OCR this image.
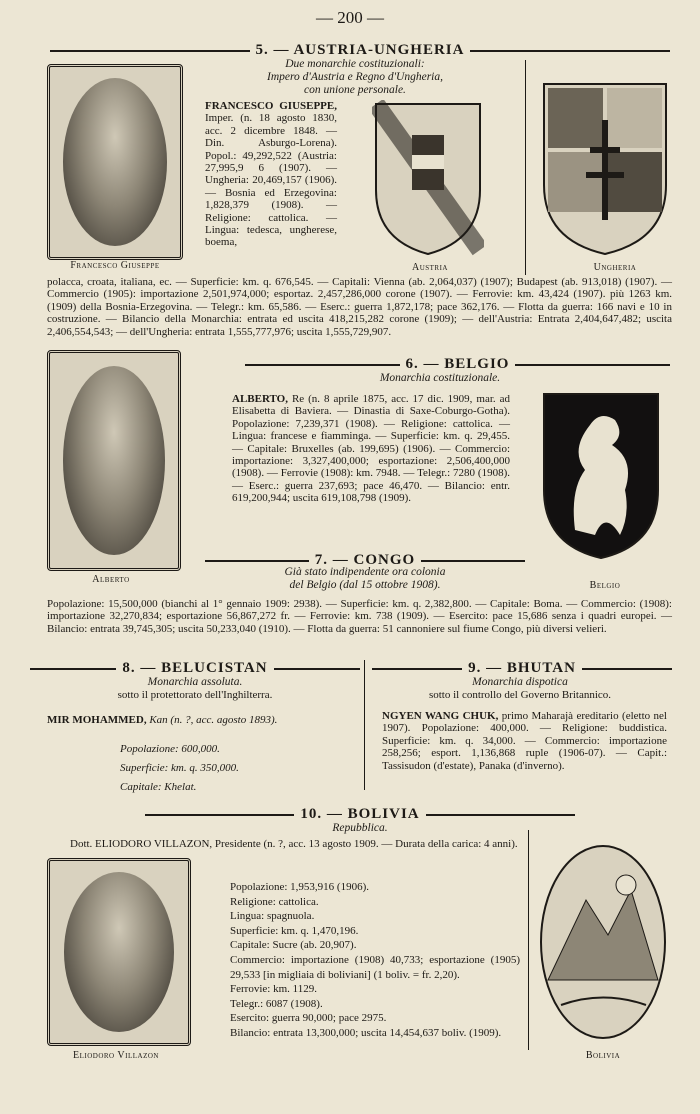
— 200 —
5. — AUSTRIA-UNGHERIA
Due monarchie costituzionali:
Impero d'Austria e Regno d'Ungheria,
con unione personale.
Francesco Giuseppe
FRANCESCO GIUSEPPE, Imper. (n. 18 agosto 1830, acc. 2 dicembre 1848. — Din. Asburgo-Lorena). Popol.: 49,292,522 (Austria: 27,995,9 6 (1907). — Ungheria: 20,469,157 (1906). — Bosnia ed Erzegovina: 1,828,379 (1908). — Religione: cattolica. — Lingua: tedesca, ungherese, boema,
Austria	Ungheria
polacca, croata, italiana, ec. — Superficie: km. q. 676,545. — Capitali: Vienna (ab. 2,064,037) (1907); Budapest (ab. 913,018) (1907). — Commercio (1905): importazione 2,501,974,000; esportaz. 2,457,286,000 corone (1907). — Ferrovie: km. 43,424 (1907). più 1263 km. (1909) della Bosnia-Erzegovina. — Telegr.: km. 65,586. — Eserc.: guerra 1,872,178; pace 362,176. — Flotta da guerra: 166 navi e 10 in costruzione. — Bilancio della Monarchia: entrata ed uscita 418,215,282 corone (1909); — dell'Austria: Entrata 2,404,647,482; uscita 2,406,554,543; — dell'Ungheria: entrata 1,555,777,976; uscita 1,555,729,907.
6. — BELGIO
Monarchia costituzionale.
Alberto
ALBERTO, Re (n. 8 aprile 1875, acc. 17 dic. 1909, mar. ad Elisabetta di Baviera. — Dinastia di Saxe-Coburgo-Gotha). Popolazione: 7,239,371 (1908). — Religione: cattolica. — Lingua: francese e fiamminga. — Superficie: km. q. 29,455. — Capitale: Bruxelles (ab. 199,695) (1906). — Commercio: importazione: 3,327,400,000; esportazione: 2,506,400,000 (1908). — Ferrovie (1908): km. 7948. — Telegr.: 7280 (1908). — Eserc.: guerra 237,693; pace 46,470. — Bilancio: entr. 619,200,944; uscita 619,108,798 (1909).
Belgio
7. — CONGO
Già stato indipendente ora colonia
del Belgio (dal 15 ottobre 1908).
Popolazione: 15,500,000 (bianchi al 1° gennaio 1909: 2938). — Superficie: km. q. 2,382,800. — Capitale: Boma. — Commercio: (1908): importazione 32,270,834; esportazione 56,867,272 fr. — Ferrovie: km. 738 (1909). — Esercito: pace 15,686 senza i quadri europei. — Bilancio: entrata 39,745,305; uscita 50,233,040 (1910). — Flotta da guerra: 51 cannoniere sul fiume Congo, più diversi velieri.
8. — BELUCISTAN
Monarchia assoluta.
sotto il protettorato dell'Inghilterra.
MIR MOHAMMED, Kan (n. ?, acc. agosto 1893).
Popolazione: 600,000.
Superficie: km. q. 350,000.
Capitale: Khelat.
9. — BHUTAN
Monarchia dispotica
sotto il controllo del Governo Britannico.
NGYEN WANG CHUK, primo Maharajà ereditario (eletto nel 1907). Popolazione: 400,000. — Religione: buddistica. Superficie: km. q. 34,000. — Commercio: importazione 258,256; esport. 1,136,868 ruple (1906-07). — Capit.: Tassisudon (d'estate), Panaka (d'inverno).
10. — BOLIVIA
Repubblica.
Dott. ELIODORO VILLAZON, Presidente (n. ?, acc. 13 agosto 1909. — Durata della carica: 4 anni).
Eliodoro Villazon
Popolazione: 1,953,916 (1906).
Religione: cattolica.
Lingua: spagnuola.
Superficie: km. q. 1,470,196.
Capitale: Sucre (ab. 20,907).
Commercio: importazione (1908) 40,733; esportazione (1905) 29,533 [in migliaia di boliviani] (1 boliv. = fr. 2,20).
Ferrovie: km. 1129.
Telegr.: 6087 (1908).
Esercito: guerra 90,000; pace 2975.
Bilancio: entrata 13,300,000; uscita 14,454,637 boliv. (1909).
Bolivia
